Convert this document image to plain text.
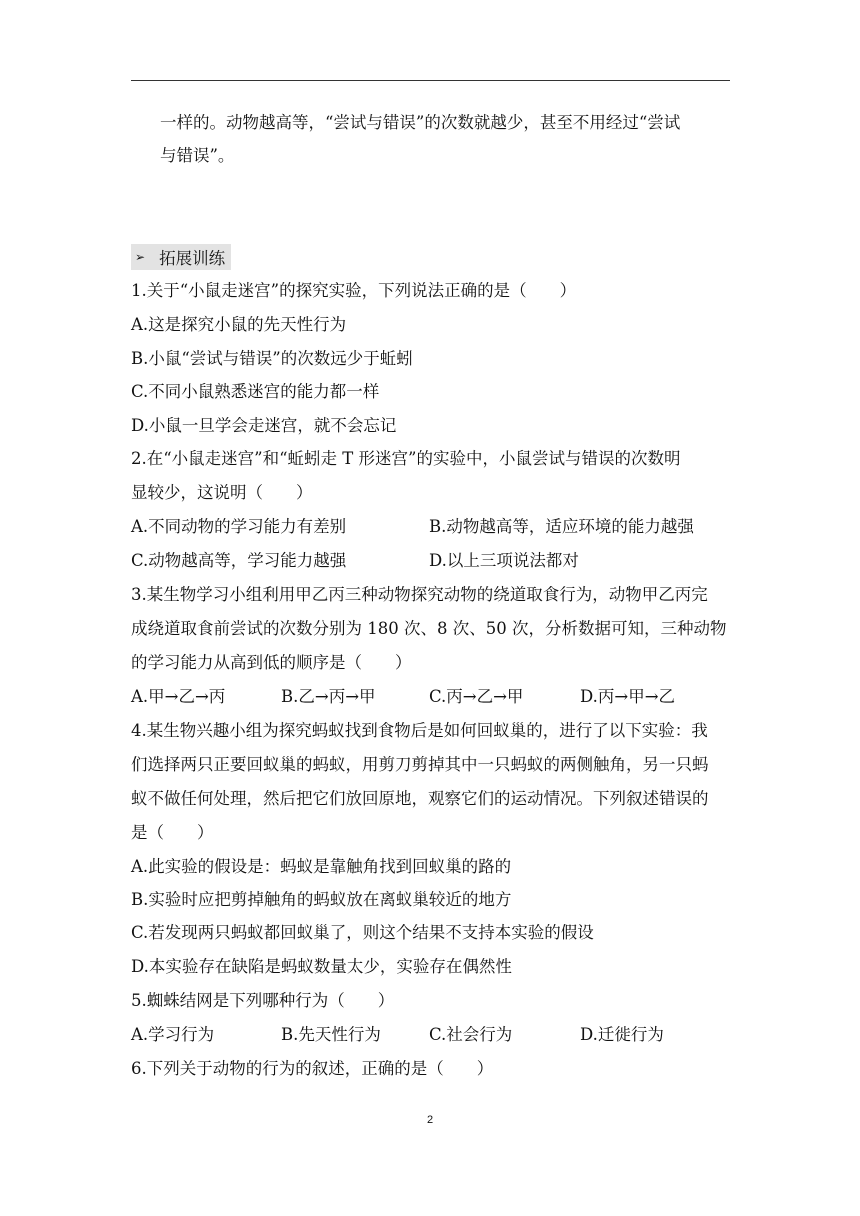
一样的。动物越高等，“尝试与错误”的次数就越少，甚至不用经过“尝试
与错误”。
➢ 拓展训练
1.关于“小鼠走迷宫”的探究实验，下列说法正确的是（　　）
A.这是探究小鼠的先天性行为
B.小鼠“尝试与错误”的次数远少于蚯蚓
C.不同小鼠熟悉迷宫的能力都一样
D.小鼠一旦学会走迷宫，就不会忘记
2.在“小鼠走迷宫”和“蚯蚓走 T 形迷宫”的实验中，小鼠尝试与错误的次数明
显较少，这说明（　　）
A.不同动物的学习能力有差别	B.动物越高等，适应环境的能力越强
C.动物越高等，学习能力越强	D.以上三项说法都对
3.某生物学习小组利用甲乙丙三种动物探究动物的绕道取食行为，动物甲乙丙完
成绕道取食前尝试的次数分别为 180 次、8 次、50 次，分析数据可知，三种动物
的学习能力从高到低的顺序是（　　）
A.甲→乙→丙	B.乙→丙→甲	C.丙→乙→甲	D.丙→甲→乙
4.某生物兴趣小组为探究蚂蚁找到食物后是如何回蚁巢的，进行了以下实验：我
们选择两只正要回蚁巢的蚂蚁，用剪刀剪掉其中一只蚂蚁的两侧触角，另一只蚂
蚁不做任何处理，然后把它们放回原地，观察它们的运动情况。下列叙述错误的
是（　　）
A.此实验的假设是：蚂蚁是靠触角找到回蚁巢的路的
B.实验时应把剪掉触角的蚂蚁放在离蚁巢较近的地方
C.若发现两只蚂蚁都回蚁巢了，则这个结果不支持本实验的假设
D.本实验存在缺陷是蚂蚁数量太少，实验存在偶然性
5.蜘蛛结网是下列哪种行为（　　）
A.学习行为	B.先天性行为	C.社会行为	D.迁徙行为
6.下列关于动物的行为的叙述，正确的是（　　）
2
